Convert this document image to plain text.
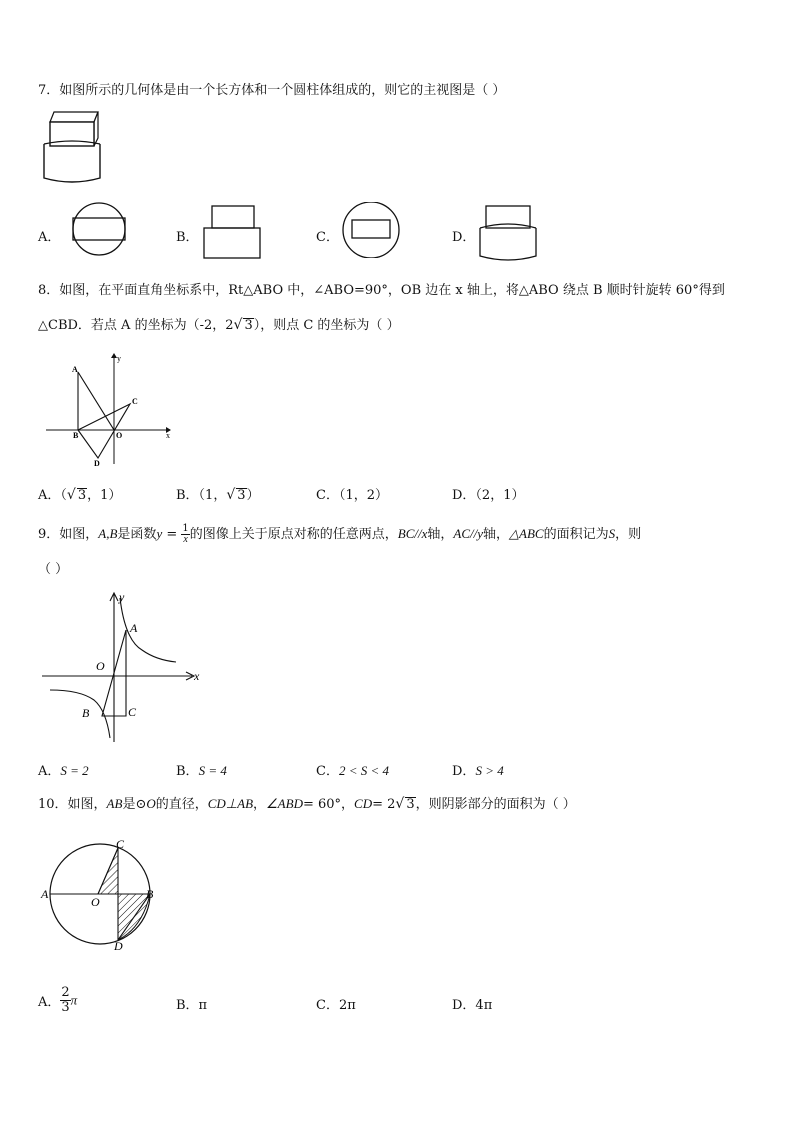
7．如图所示的几何体是由一个长方体和一个圆柱体组成的，则它的主视图是（ ）
A．	B．	C．	D．
8．如图，在平面直角坐标系中，Rt△ABO 中，∠ABO=90°，OB 边在 x 轴上，将△ABO 绕点 B 顺时针旋转 60°得到
△CBD．若点 A 的坐标为（-2，2√ 3），则点 C 的坐标为（ ）
y
A
C
B	O	x
D
A．（√ 3，1）	B．（1，√ 3）	C．（1，2）	D．（2，1）
9．如图，A,B是函数$y = \frac{1}{x}$ 的图像上关于原点对称的任意两点，BC//x轴，AC//y轴，△ABC的面积记为S，则
（ ）
y
A
O
x
B	C
A．S = 2	B．S = 4	C．2 < S < 4	D．S > 4
10．如图，AB是⊙O的直径，CD⊥AB，∠ABD= 60°，CD= 2√ 3，则阴影部分的面积为（ ）
C
A
O
B
D
A． $\frac{2}{3}$ π	B．π	C．2π	D．4π
